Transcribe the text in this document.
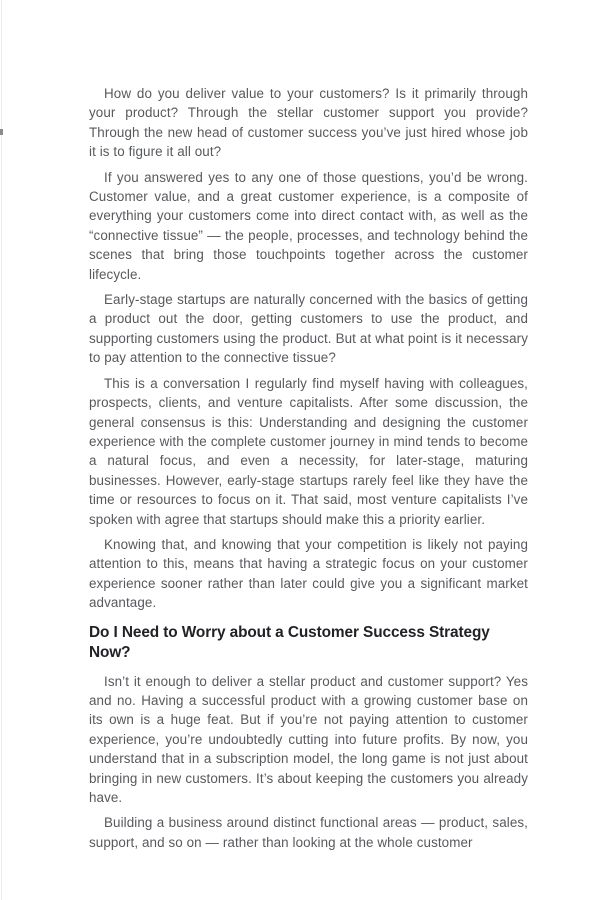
How do you deliver value to your customers? Is it primarily through your product? Through the stellar customer support you provide? Through the new head of customer success you’ve just hired whose job it is to figure it all out?

If you answered yes to any one of those questions, you’d be wrong. Customer value, and a great customer experience, is a composite of everything your customers come into direct contact with, as well as the “connective tissue” — the people, processes, and technology behind the scenes that bring those touchpoints together across the customer lifecycle.

Early-stage startups are naturally concerned with the basics of getting a product out the door, getting customers to use the product, and supporting customers using the product. But at what point is it necessary to pay attention to the connective tissue?

This is a conversation I regularly find myself having with colleagues, prospects, clients, and venture capitalists. After some discussion, the general consensus is this: Understanding and designing the customer experience with the complete customer journey in mind tends to become a natural focus, and even a necessity, for later-stage, maturing businesses. However, early-stage startups rarely feel like they have the time or resources to focus on it. That said, most venture capitalists I’ve spoken with agree that startups should make this a priority earlier.

Knowing that, and knowing that your competition is likely not paying attention to this, means that having a strategic focus on your customer experience sooner rather than later could give you a significant market advantage.

Do I Need to Worry about a Customer Success Strategy Now?

Isn’t it enough to deliver a stellar product and customer support? Yes and no. Having a successful product with a growing customer base on its own is a huge feat. But if you’re not paying attention to customer experience, you’re undoubtedly cutting into future profits. By now, you understand that in a subscription model, the long game is not just about bringing in new customers. It’s about keeping the customers you already have.

Building a business around distinct functional areas — product, sales, support, and so on — rather than looking at the whole customer
